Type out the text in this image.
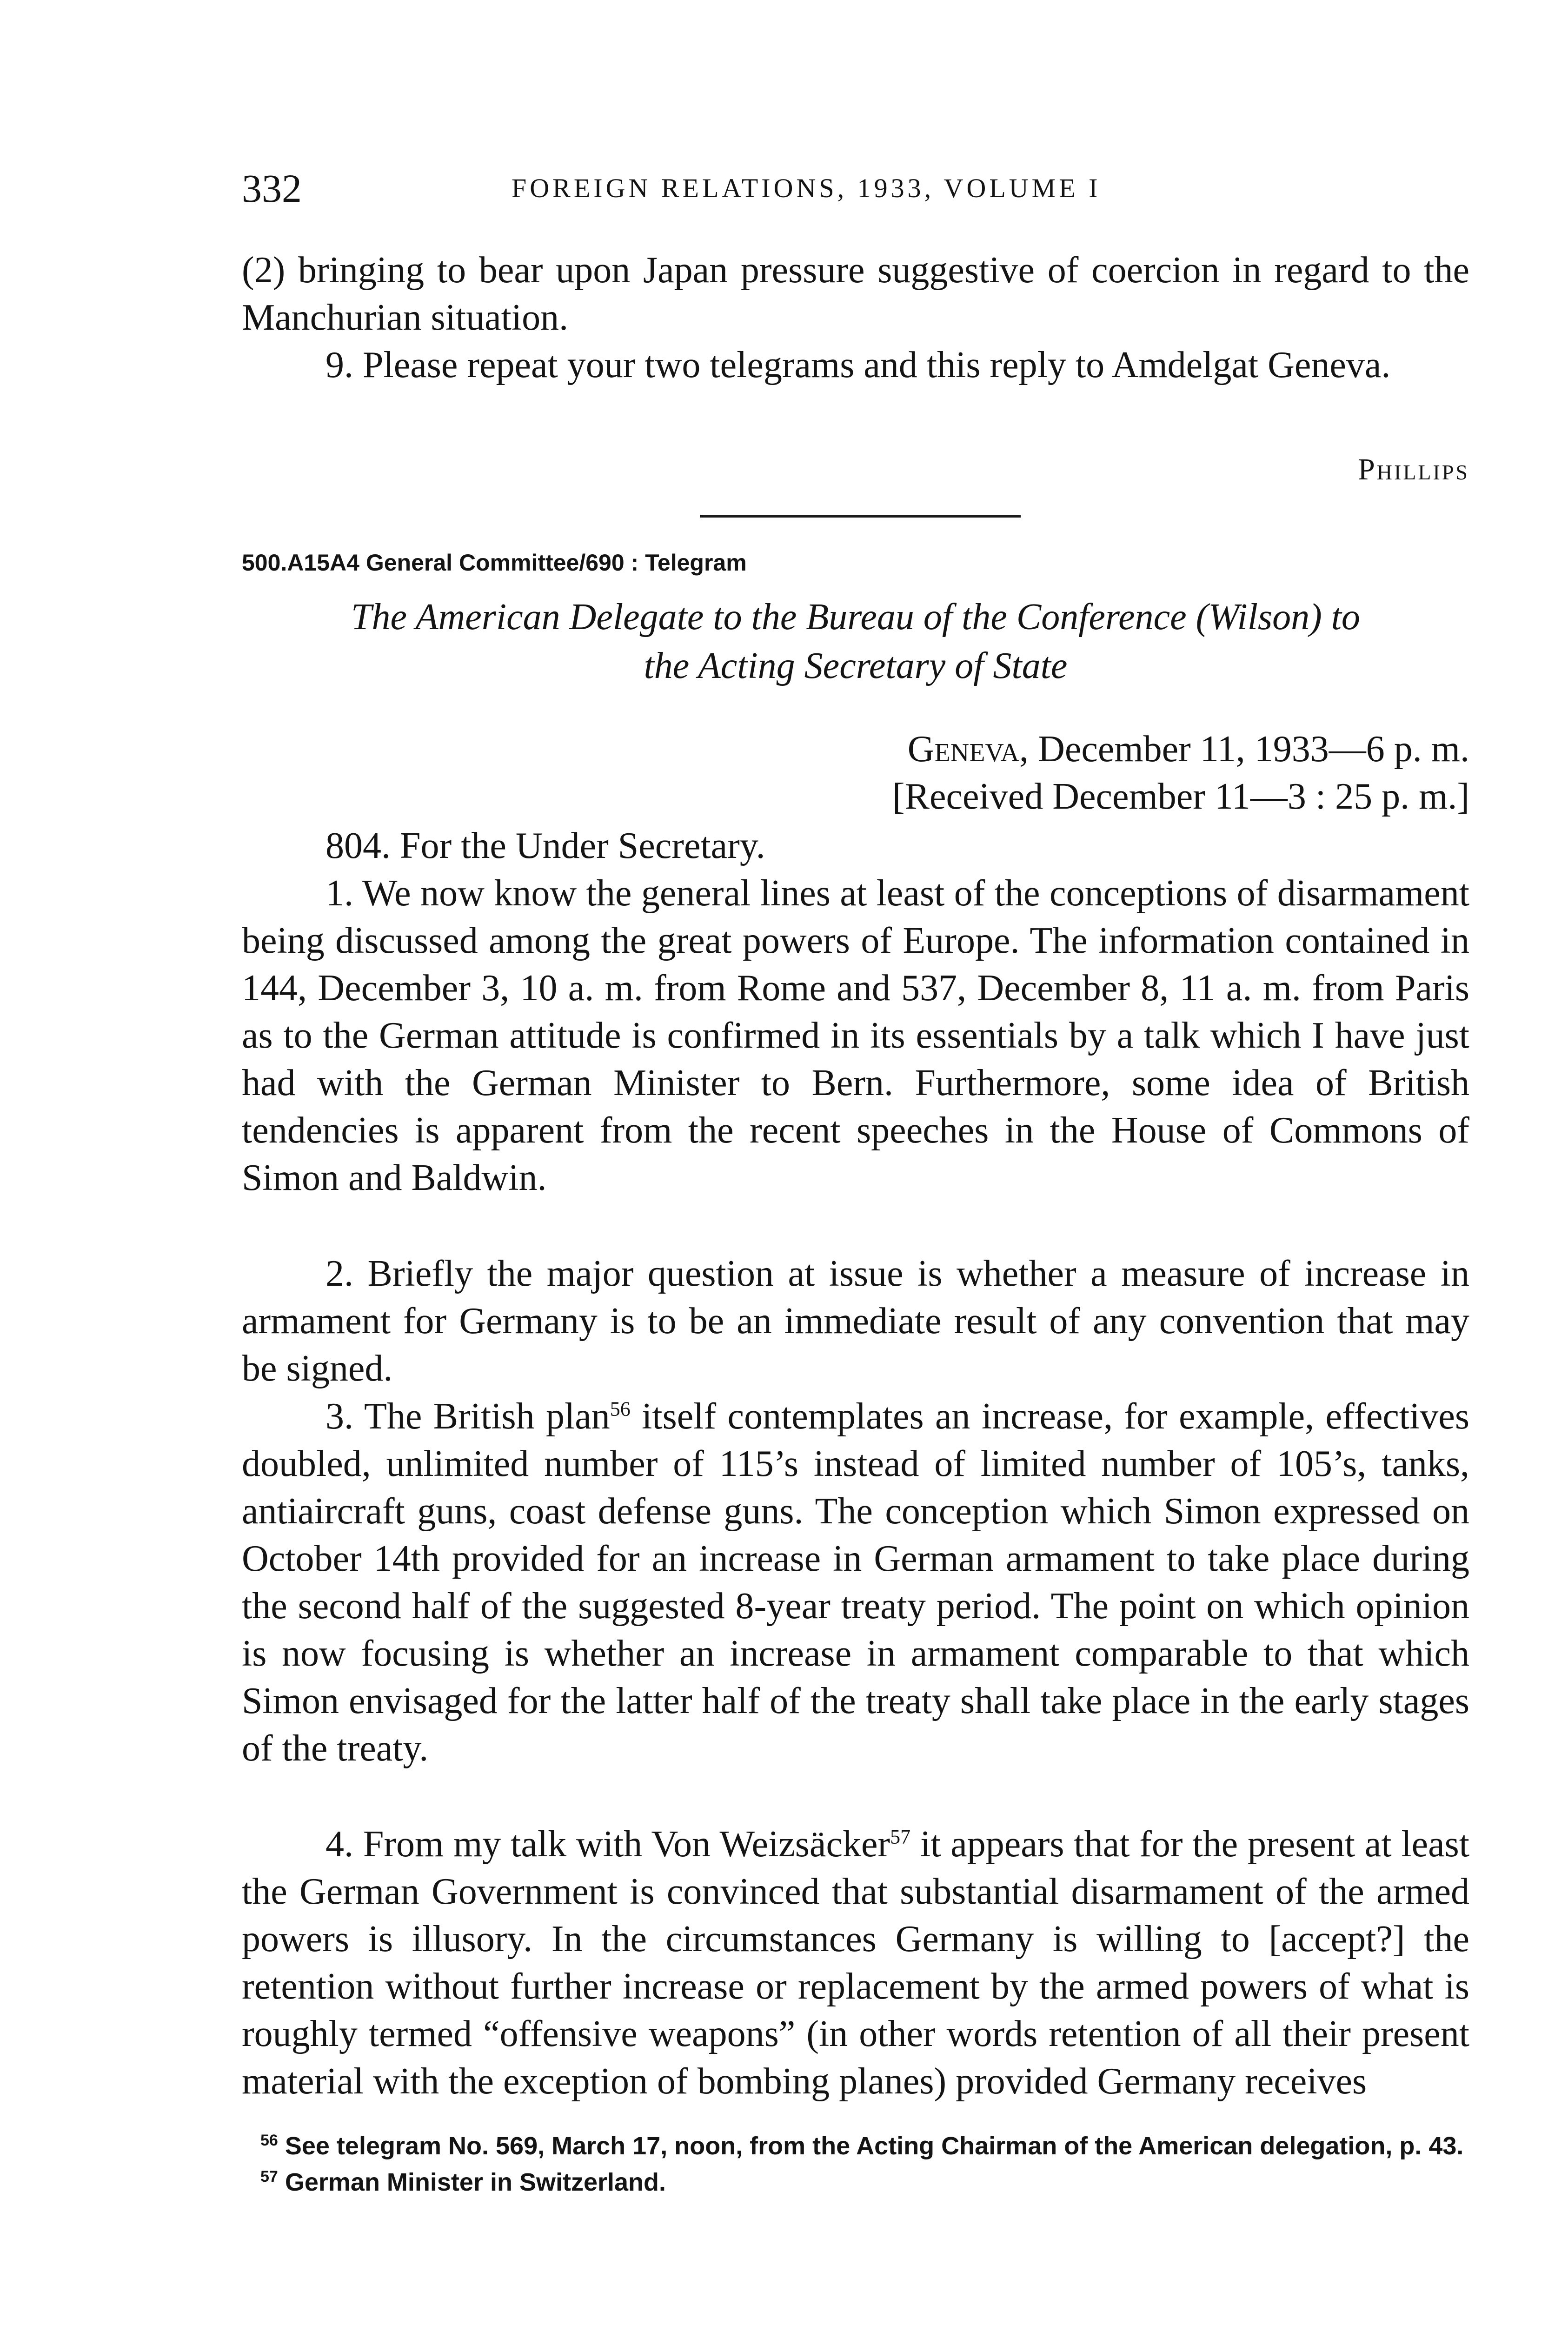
332	FOREIGN RELATIONS, 1933, VOLUME I

(2) bringing to bear upon Japan pressure suggestive of coercion in regard to the Manchurian situation.

9. Please repeat your two telegrams and this reply to Amdelgat Geneva.

Phillips
500.A15A4 General Committee/690 : Telegram
The American Delegate to the Bureau of the Conference (Wilson) to
the Acting Secretary of State
Geneva, December 11, 1933—6 p. m.
[Received December 11—3 : 25 p. m.]

804. For the Under Secretary.

1. We now know the general lines at least of the conceptions of disarmament being discussed among the great powers of Europe. The information contained in 144, December 3, 10 a. m. from Rome and 537, December 8, 11 a. m. from Paris as to the German attitude is confirmed in its essentials by a talk which I have just had with the German Minister to Bern. Furthermore, some idea of British tendencies is apparent from the recent speeches in the House of Commons of Simon and Baldwin.

2. Briefly the major question at issue is whether a measure of increase in armament for Germany is to be an immediate result of any convention that may be signed.

3. The British plan$^{56}$ itself contemplates an increase, for example, effectives doubled, unlimited number of 115’s instead of limited number of 105’s, tanks, antiaircraft guns, coast defense guns. The conception which Simon expressed on October 14th provided for an increase in German armament to take place during the second half of the suggested 8-year treaty period. The point on which opinion is now focusing is whether an increase in armament comparable to that which Simon envisaged for the latter half of the treaty shall take place in the early stages of the treaty.

4. From my talk with Von Weizsäcker$^{57}$ it appears that for the present at least the German Government is convinced that substantial disarmament of the armed powers is illusory. In the circumstances Germany is willing to [accept?] the retention without further increase or replacement by the armed powers of what is roughly termed “offensive weapons” (in other words retention of all their present material with the exception of bombing planes) provided Germany receives

$^{56}$ See telegram No. 569, March 17, noon, from the Acting Chairman of the American delegation, p. 43.

$^{57}$ German Minister in Switzerland.
